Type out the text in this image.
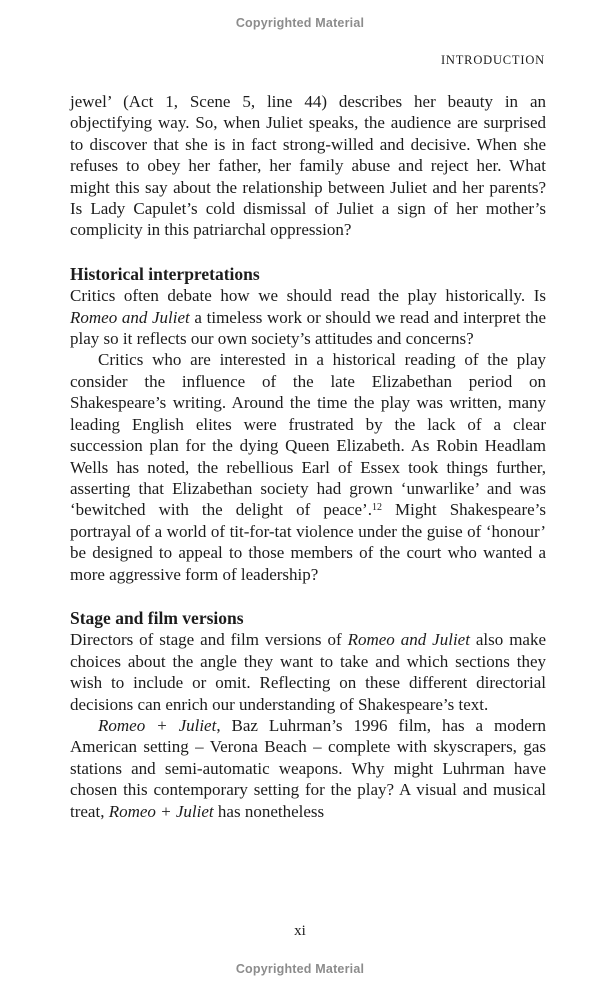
Copyrighted Material
INTRODUCTION

jewel’ (Act 1, Scene 5, line 44) describes her beauty in an objectifying way. So, when Juliet speaks, the audience are surprised to discover that she is in fact strong-willed and decisive. When she refuses to obey her father, her family abuse and reject her. What might this say about the relationship between Juliet and her parents? Is Lady Capulet’s cold dismissal of Juliet a sign of her mother’s complicity in this patriarchal oppression?

Historical interpretations

Critics often debate how we should read the play historically. Is Romeo and Juliet a timeless work or should we read and interpret the play so it reflects our own society’s attitudes and concerns?

Critics who are interested in a historical reading of the play consider the influence of the late Elizabethan period on Shakespeare’s writing. Around the time the play was written, many leading English elites were frustrated by the lack of a clear succession plan for the dying Queen Elizabeth. As Robin Headlam Wells has noted, the rebellious Earl of Essex took things further, asserting that Elizabethan society had grown ‘unwarlike’ and was ‘bewitched with the delight of peace’.$^{12}$ Might Shakespeare’s portrayal of a world of tit-for-tat violence under the guise of ‘honour’ be designed to appeal to those members of the court who wanted a more aggressive form of leadership?

Stage and film versions

Directors of stage and film versions of Romeo and Juliet also make choices about the angle they want to take and which sections they wish to include or omit. Reflecting on these different directorial decisions can enrich our understanding of Shakespeare’s text.

Romeo + Juliet, Baz Luhrman’s 1996 film, has a modern American setting – Verona Beach – complete with skyscrapers, gas stations and semi-automatic weapons. Why might Luhrman have chosen this contemporary setting for the play? A visual and musical treat, Romeo + Juliet has nonetheless

xi
Copyrighted Material
